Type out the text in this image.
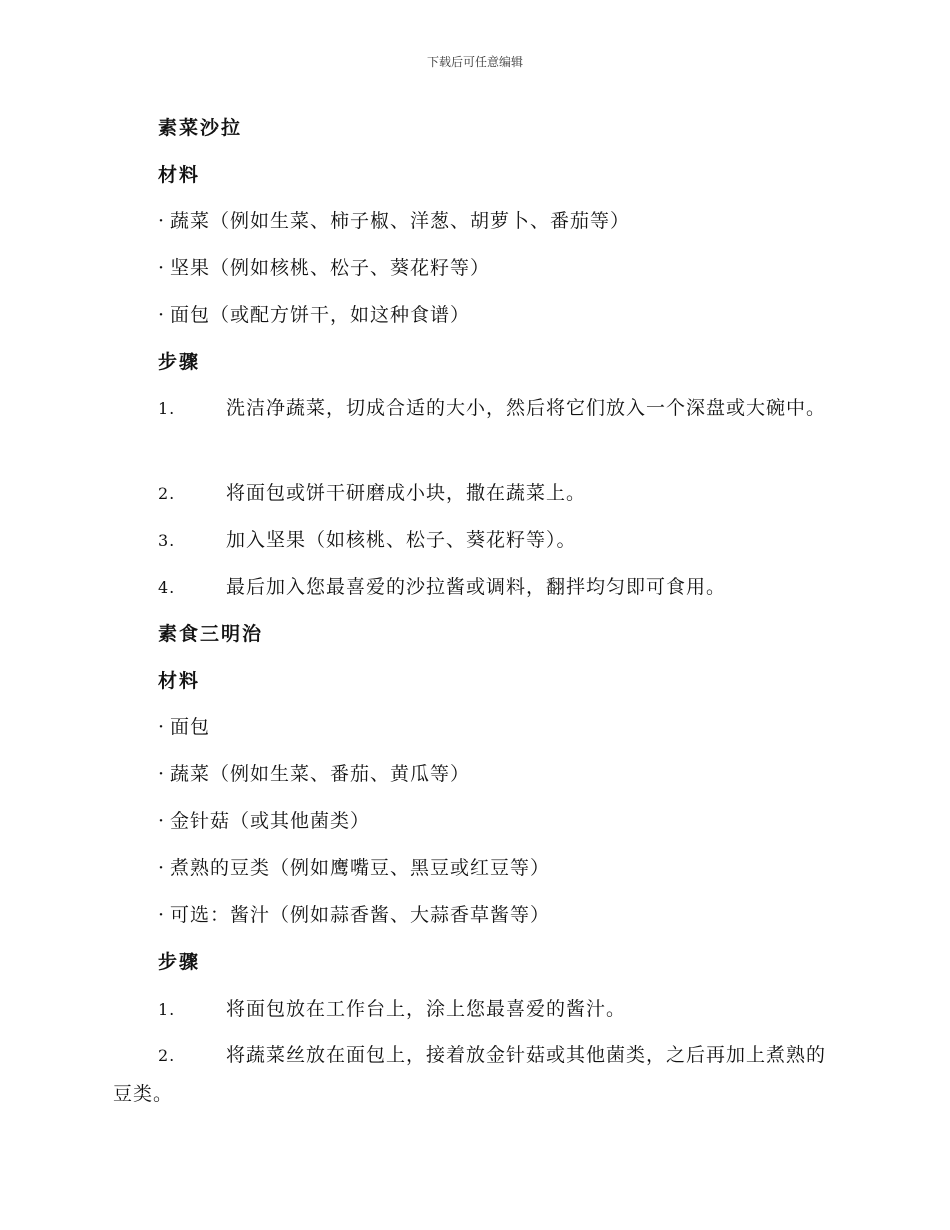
下载后可任意编辑
素菜沙拉
材料
· 蔬菜（例如生菜、柿子椒、洋葱、胡萝卜、番茄等）
· 坚果（例如核桃、松子、葵花籽等）
· 面包（或配方饼干，如这种食谱）
步骤
1.	洗洁净蔬菜，切成合适的大小，然后将它们放入一个深盘或大碗中。
2.	将面包或饼干研磨成小块，撒在蔬菜上。
3.	加入坚果（如核桃、松子、葵花籽等）。
4.	最后加入您最喜爱的沙拉酱或调料，翻拌均匀即可食用。
素食三明治
材料
· 面包
· 蔬菜（例如生菜、番茄、黄瓜等）
· 金针菇（或其他菌类）
· 煮熟的豆类（例如鹰嘴豆、黑豆或红豆等）
· 可选：酱汁（例如蒜香酱、大蒜香草酱等）
步骤
1.	将面包放在工作台上，涂上您最喜爱的酱汁。
2.	将蔬菜丝放在面包上，接着放金针菇或其他菌类，之后再加上煮熟的豆类。
